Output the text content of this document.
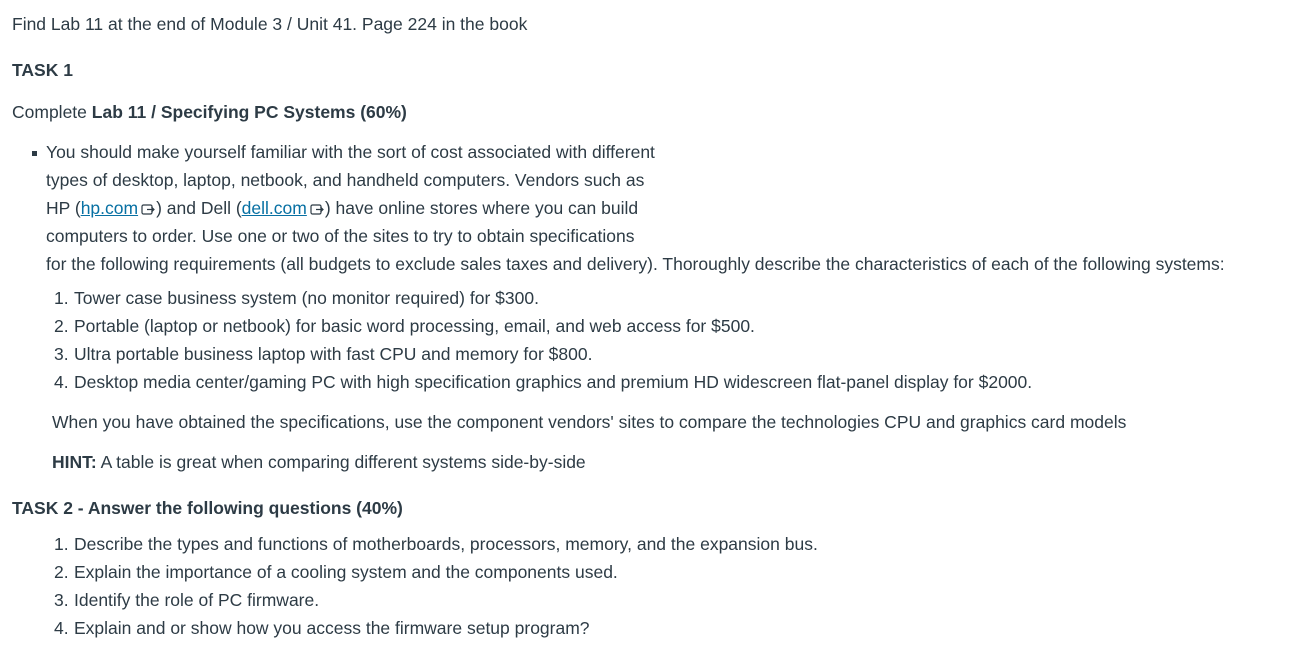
Find Lab 11 at the end of Module 3 / Unit 41. Page 224 in the book
TASK 1
Complete Lab 11 / Specifying PC Systems (60%)
You should make yourself familiar with the sort of cost associated with different
types of desktop, laptop, netbook, and handheld computers. Vendors such as
HP (hp.com ) and Dell (dell.com ) have online stores where you can build
computers to order. Use one or two of the sites to try to obtain specifications
for the following requirements (all budgets to exclude sales taxes and delivery). Thoroughly describe the characteristics of each of the following systems:
1. Tower case business system (no monitor required) for $300.
2. Portable (laptop or netbook) for basic word processing, email, and web access for $500.
3. Ultra portable business laptop with fast CPU and memory for $800.
4. Desktop media center/gaming PC with high specification graphics and premium HD widescreen flat-panel display for $2000.
When you have obtained the specifications, use the component vendors' sites to compare the technologies CPU and graphics card models
HINT: A table is great when comparing different systems side-by-side
TASK 2 - Answer the following questions (40%)
1. Describe the types and functions of motherboards, processors, memory, and the expansion bus.
2. Explain the importance of a cooling system and the components used.
3. Identify the role of PC firmware.
4. Explain and or show how you access the firmware setup program?
